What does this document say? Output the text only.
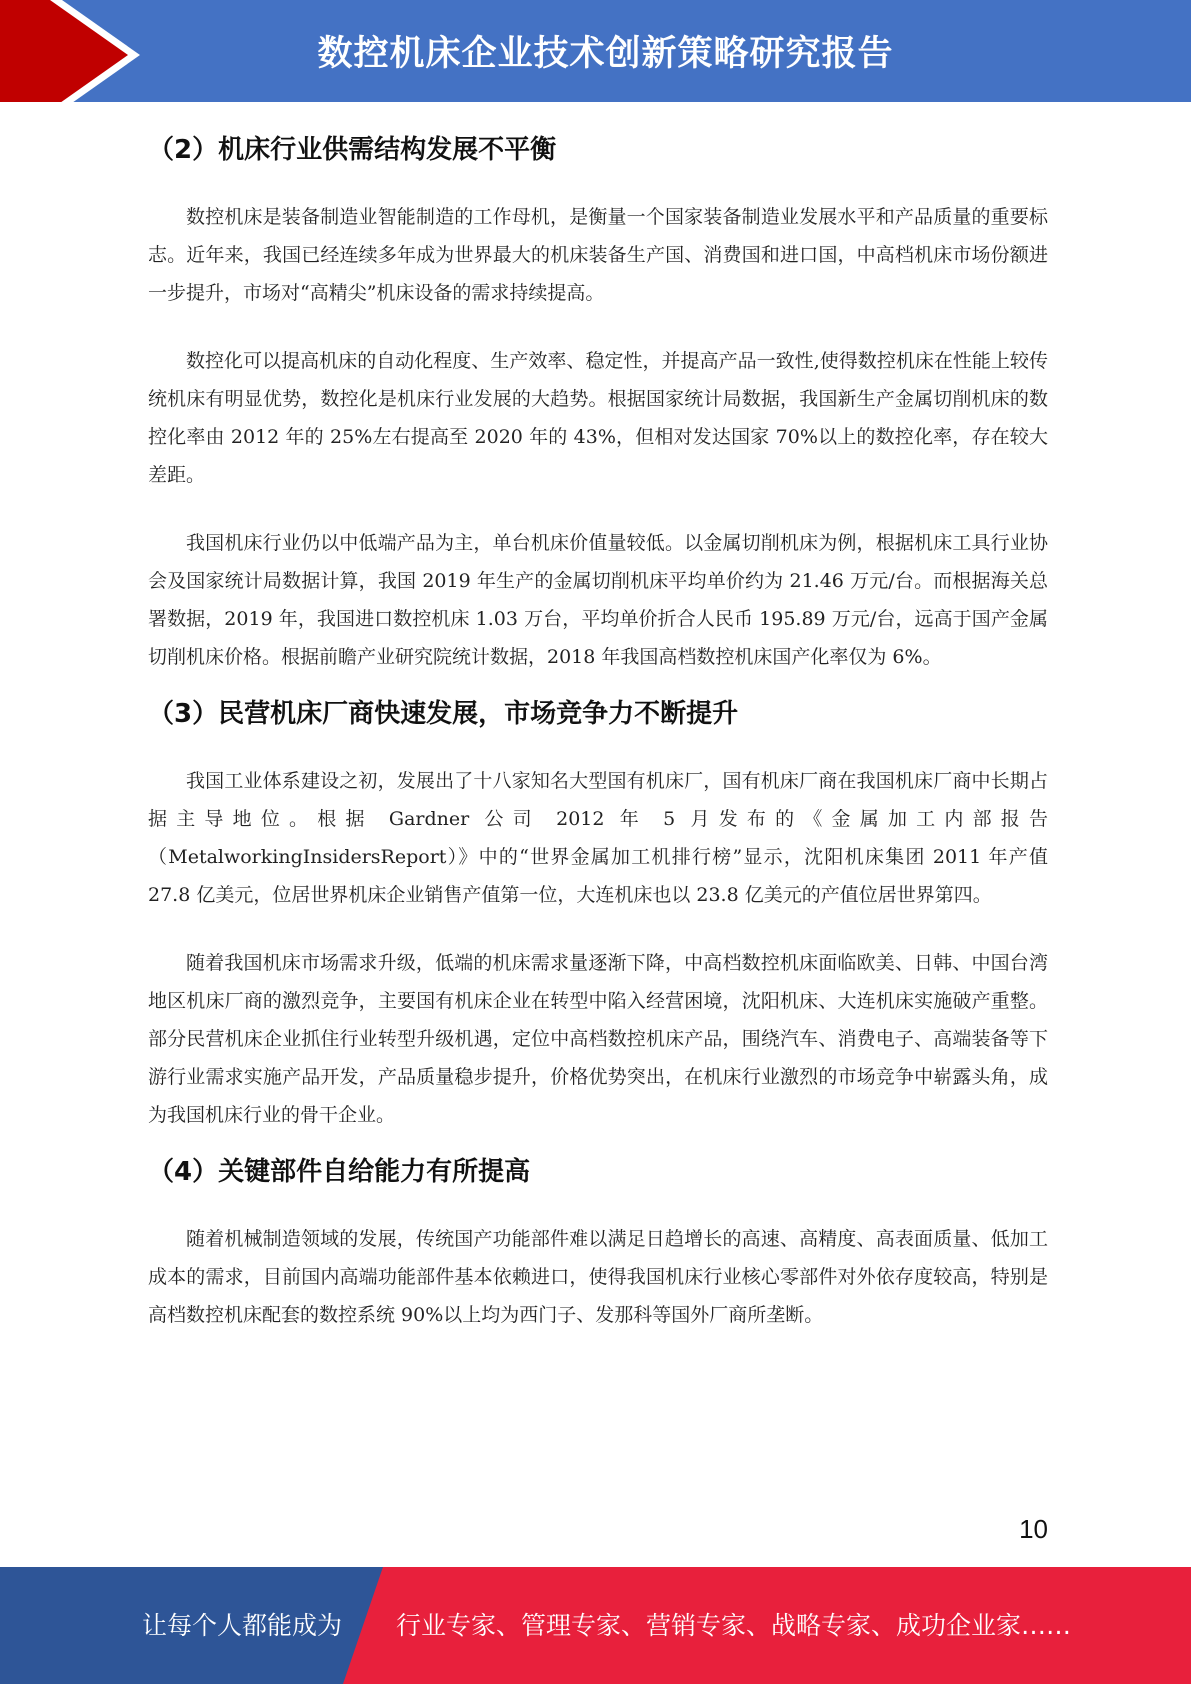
数控机床企业技术创新策略研究报告
（2）机床行业供需结构发展不平衡

数控机床是装备制造业智能制造的工作母机，是衡量一个国家装备制造业发展水平和产品质量的重要标志。近年来，我国已经连续多年成为世界最大的机床装备生产国、消费国和进口国，中高档机床市场份额进一步提升，市场对“高精尖”机床设备的需求持续提高。

数控化可以提高机床的自动化程度、生产效率、稳定性，并提高产品一致性,使得数控机床在性能上较传统机床有明显优势，数控化是机床行业发展的大趋势。根据国家统计局数据，我国新生产金属切削机床的数控化率由 2012 年的 25%左右提高至 2020 年的 43%，但相对发达国家 70%以上的数控化率，存在较大差距。

我国机床行业仍以中低端产品为主，单台机床价值量较低。以金属切削机床为例，根据机床工具行业协会及国家统计局数据计算，我国 2019 年生产的金属切削机床平均单价约为 21.46 万元/台。而根据海关总署数据，2019 年，我国进口数控机床 1.03 万台，平均单价折合人民币 195.89 万元/台，远高于国产金属切削机床价格。根据前瞻产业研究院统计数据，2018 年我国高档数控机床国产化率仅为 6%。

（3）民营机床厂商快速发展，市场竞争力不断提升

我国工业体系建设之初，发展出了十八家知名大型国有机床厂，国有机床厂商在我国机床厂商中长期占据主导地位。根据 Gardner 公司 2012 年 5 月发布的《金属加工内部报告（MetalworkingInsidersReport）》中的“世界金属加工机排行榜”显示，沈阳机床集团 2011 年产值 27.8 亿美元，位居世界机床企业销售产值第一位，大连机床也以 23.8 亿美元的产值位居世界第四。

随着我国机床市场需求升级，低端的机床需求量逐渐下降，中高档数控机床面临欧美、日韩、中国台湾地区机床厂商的激烈竞争，主要国有机床企业在转型中陷入经营困境，沈阳机床、大连机床实施破产重整。部分民营机床企业抓住行业转型升级机遇，定位中高档数控机床产品，围绕汽车、消费电子、高端装备等下游行业需求实施产品开发，产品质量稳步提升，价格优势突出，在机床行业激烈的市场竞争中崭露头角，成为我国机床行业的骨干企业。

（4）关键部件自给能力有所提高

随着机械制造领域的发展，传统国产功能部件难以满足日趋增长的高速、高精度、高表面质量、低加工成本的需求，目前国内高端功能部件基本依赖进口，使得我国机床行业核心零部件对外依存度较高，特别是高档数控机床配套的数控系统 90%以上均为西门子、发那科等国外厂商所垄断。

10
让每个人都能成为 行业专家、管理专家、营销专家、战略专家、成功企业家……
